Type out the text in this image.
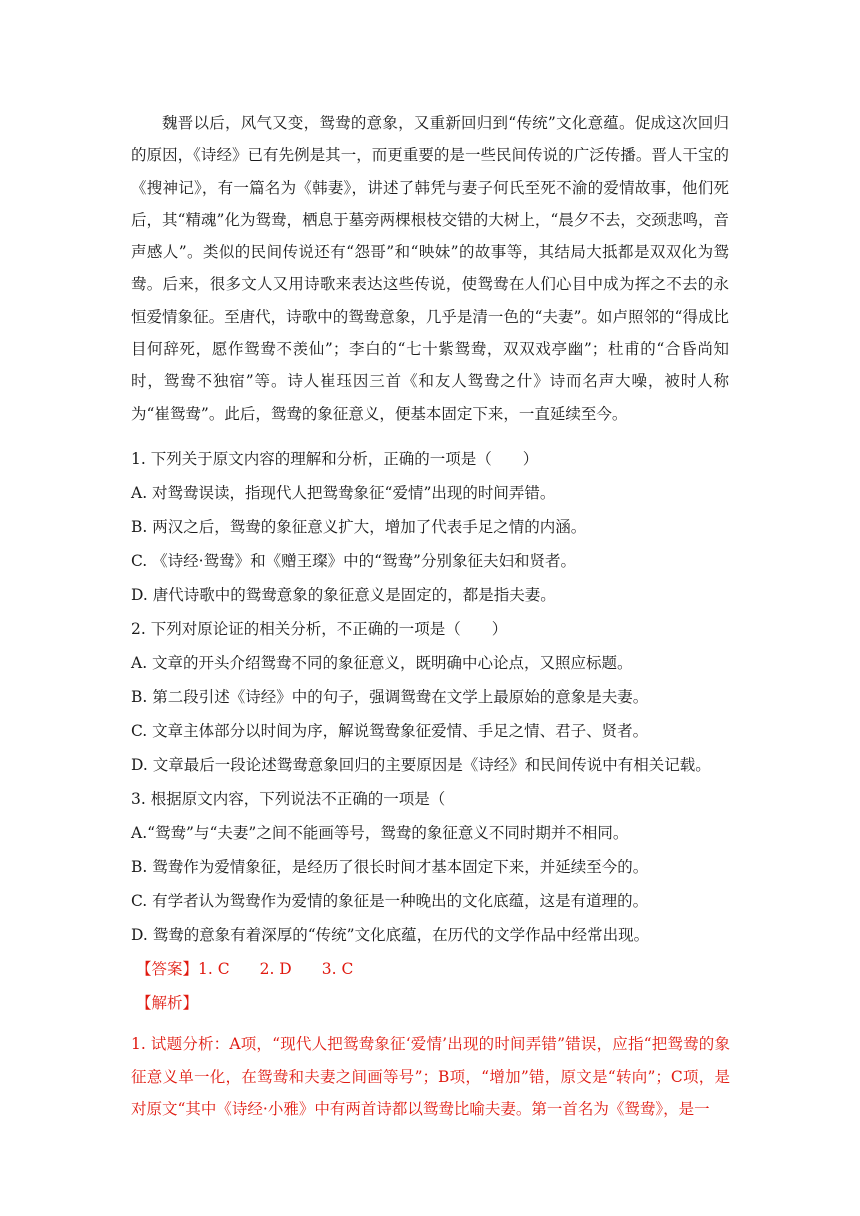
魏晋以后，风气又变，鸳鸯的意象，又重新回归到“传统”文化意蕴。促成这次回归的原因，《诗经》已有先例是其一，而更重要的是一些民间传说的广泛传播。晋人干宝的《搜神记》，有一篇名为《韩妻》，讲述了韩凭与妻子何氏至死不渝的爱情故事，他们死后，其“精魂”化为鸳鸯，栖息于墓旁两棵根枝交错的大树上，“晨夕不去，交颈悲鸣，音声感人”。类似的民间传说还有“怨哥”和“映妹”的故事等，其结局大抵都是双双化为鸳鸯。后来，很多文人又用诗歌来表达这些传说，使鸳鸯在人们心目中成为挥之不去的永恒爱情象征。至唐代，诗歌中的鸳鸯意象，几乎是清一色的“夫妻”。如卢照邻的“得成比目何辞死，愿作鸳鸯不羡仙”；李白的“七十紫鸳鸯，双双戏亭幽”；杜甫的“合昏尚知时，鸳鸯不独宿”等。诗人崔珏因三首《和友人鸳鸯之什》诗而名声大噪，被时人称为“崔鸳鸯”。此后，鸳鸯的象征意义，便基本固定下来，一直延续至今。

1. 下列关于原文内容的理解和分析，正确的一项是（　　）

A. 对鸳鸯误读，指现代人把鸳鸯象征“爱情”出现的时间弄错。

B. 两汉之后，鸳鸯的象征意义扩大，增加了代表手足之情的内涵。

C. 《诗经·鸳鸯》和《赠王璨》中的“鸳鸯”分别象征夫妇和贤者。

D. 唐代诗歌中的鸳鸯意象的象征意义是固定的，都是指夫妻。

2. 下列对原论证的相关分析，不正确的一项是（　　）

A. 文章的开头介绍鸳鸯不同的象征意义，既明确中心论点，又照应标题。

B. 第二段引述《诗经》中的句子，强调鸳鸯在文学上最原始的意象是夫妻。

C. 文章主体部分以时间为序，解说鸳鸯象征爱情、手足之情、君子、贤者。

D. 文章最后一段论述鸳鸯意象回归的主要原因是《诗经》和民间传说中有相关记载。

3. 根据原文内容，下列说法不正确的一项是（

A.“鸳鸯”与“夫妻”之间不能画等号，鸳鸯的象征意义不同时期并不相同。

B. 鸳鸯作为爱情象征，是经历了很长时间才基本固定下来，并延续至今的。

C. 有学者认为鸳鸯作为爱情的象征是一种晚出的文化底蕴，这是有道理的。

D. 鸳鸯的意象有着深厚的“传统”文化底蕴，在历代的文学作品中经常出现。

【答案】1. C 2. D 3. C

【解析】

1. 试题分析：A项，“现代人把鸳鸯象征‘爱情’出现的时间弄错”错误，应指“把鸳鸯的象征意义单一化，在鸳鸯和夫妻之间画等号”；B项，“增加”错，原文是“转向”；C项，是对原文“其中《诗经·小雅》中有两首诗都以鸳鸯比喻夫妻。第一首名为《鸳鸯》，是一
